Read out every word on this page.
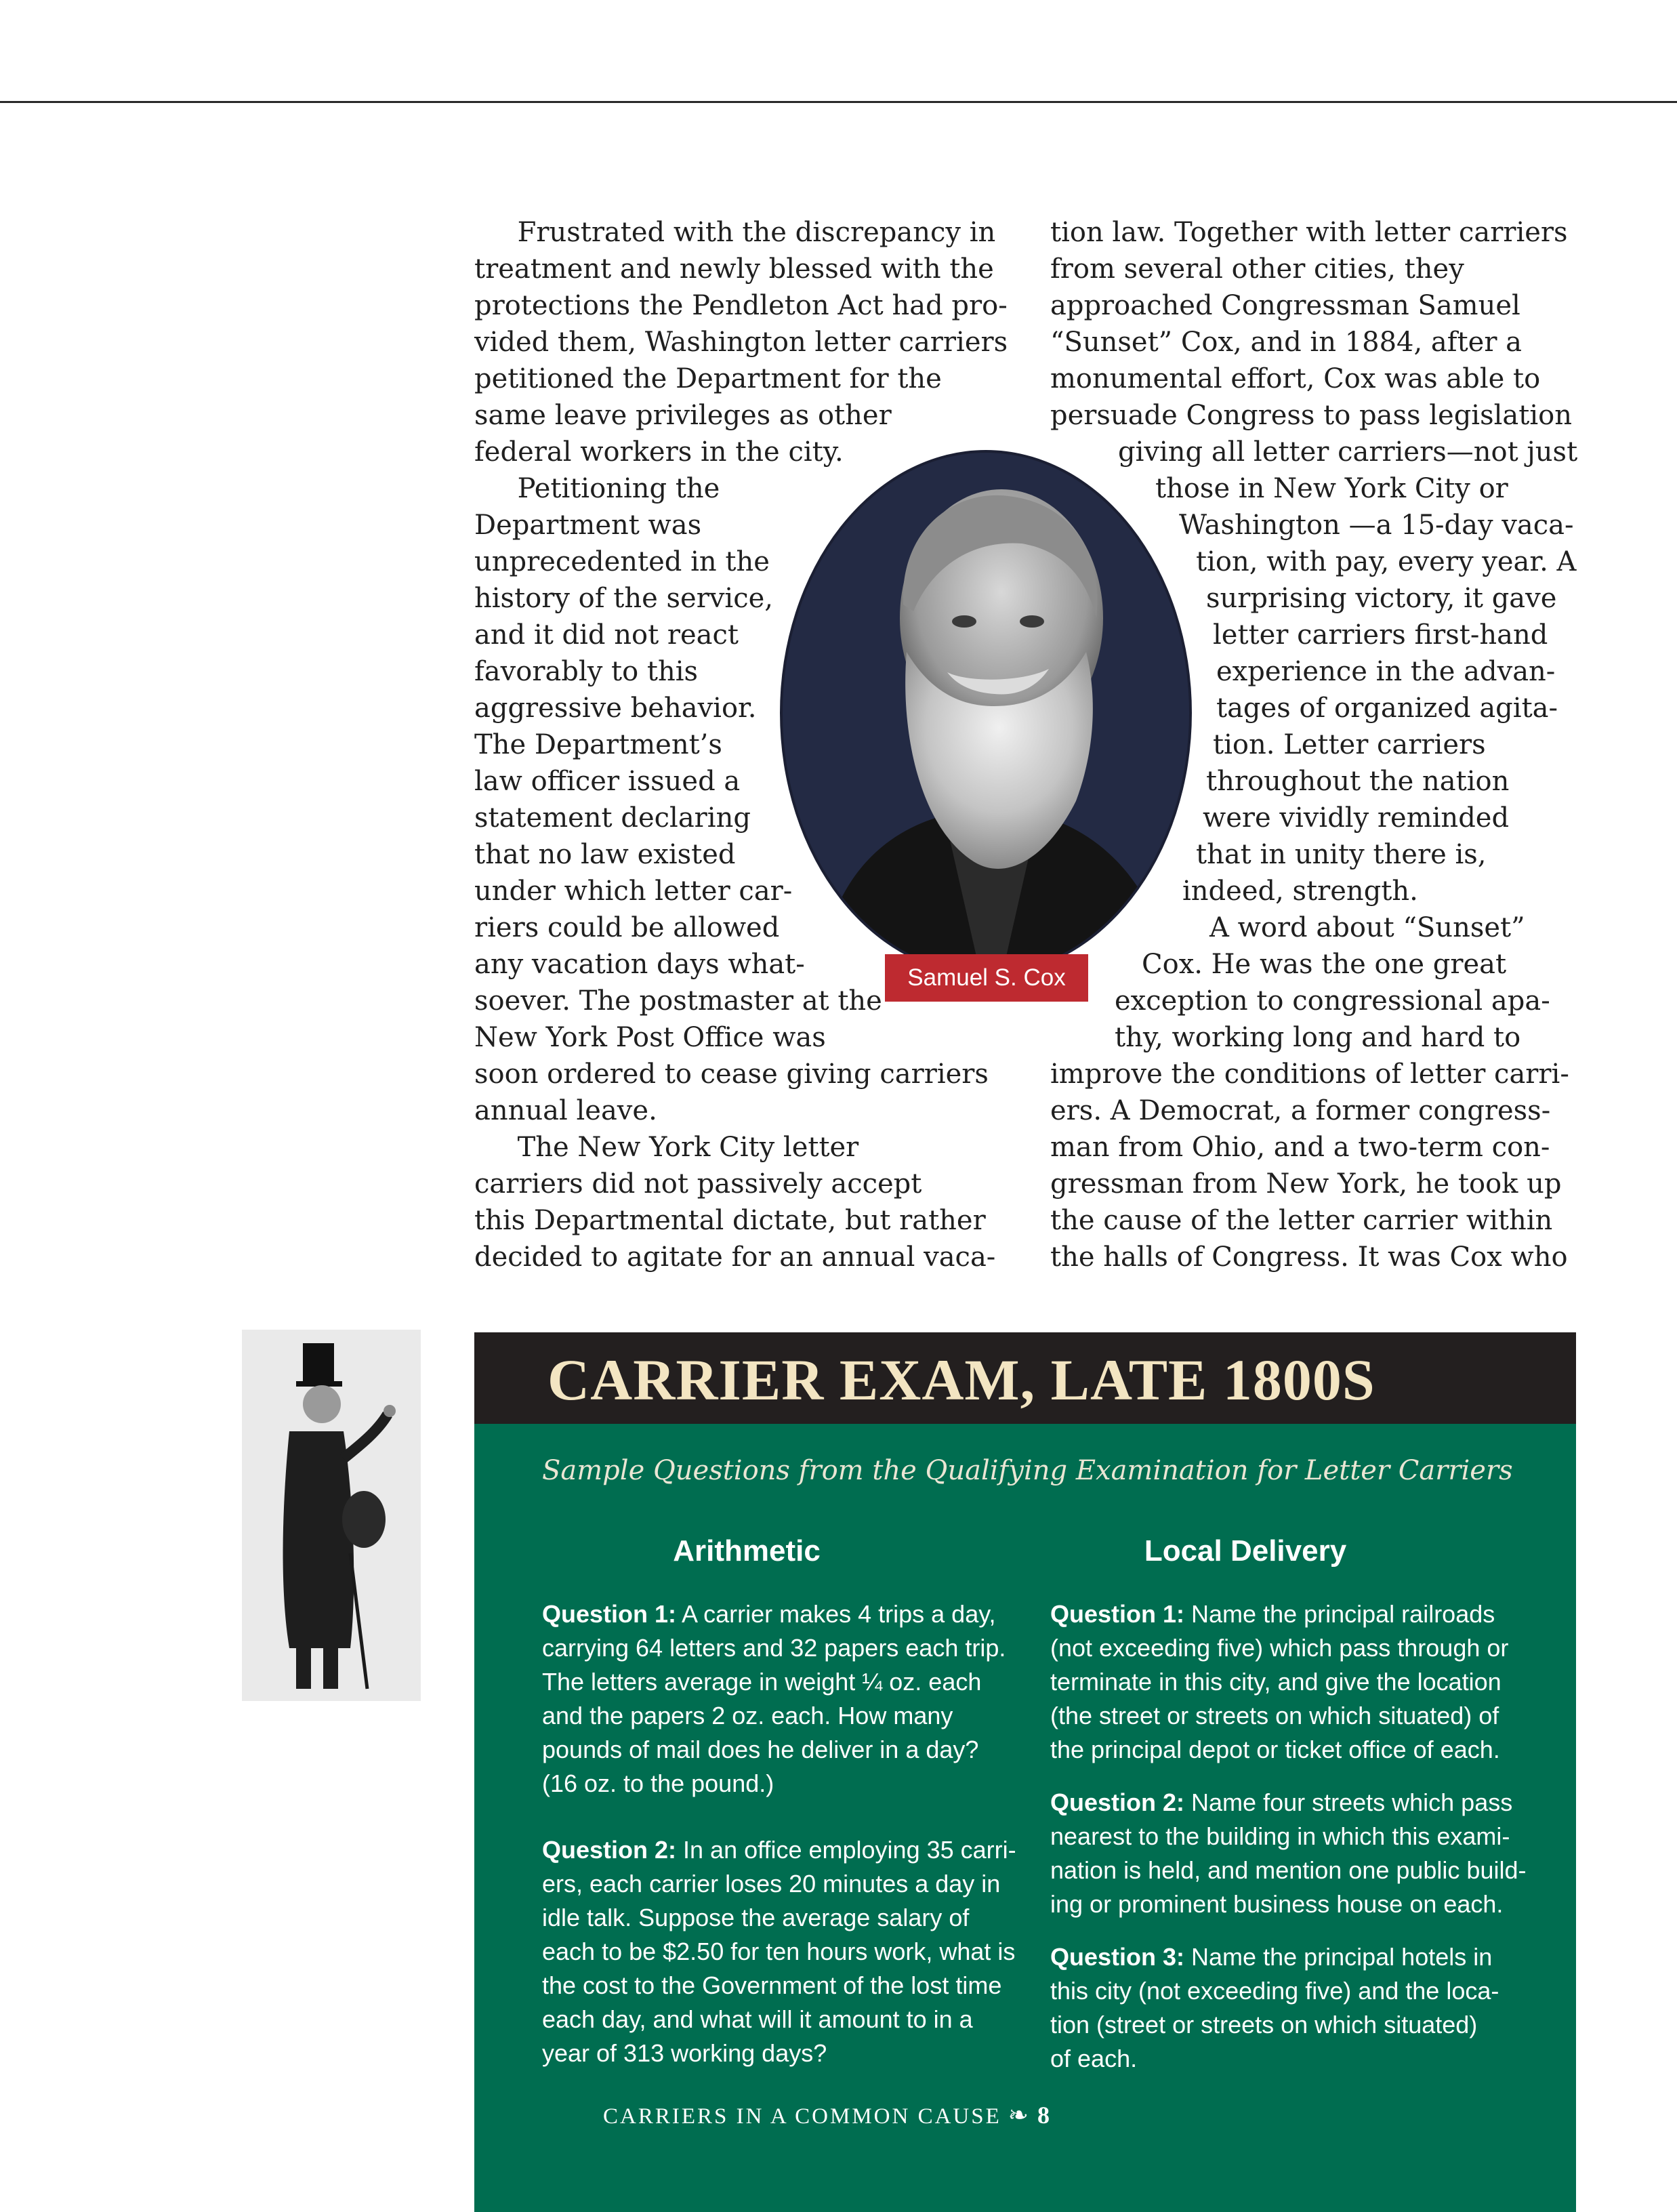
Frustrated with the discrepancy in
treatment and newly blessed with the
protections the Pendleton Act had pro-
vided them, Washington letter carriers
petitioned the Department for the
same leave privileges as other
federal workers in the city.
Petitioning the
Department was
unprecedented in the
history of the service,
and it did not react
favorably to this
aggressive behavior.
The Department’s
law officer issued a
statement declaring
that no law existed
under which letter car-
riers could be allowed
any vacation days what-
soever. The postmaster at the
New York Post Office was
soon ordered to cease giving carriers
annual leave.
The New York City letter
carriers did not passively accept
this Departmental dictate, but rather
decided to agitate for an annual vaca-
tion law. Together with letter carriers
from several other cities, they
approached Congressman Samuel
“Sunset” Cox, and in 1884, after a
monumental effort, Cox was able to
persuade Congress to pass legislation
giving all letter carriers—not just
those in New York City or
Washington —a 15-day vaca-
tion, with pay, every year. A
surprising victory, it gave
letter carriers first-hand
experience in the advan-
tages of organized agita-
tion. Letter carriers
throughout the nation
were vividly reminded
that in unity there is,
indeed, strength.
A word about “Sunset”
Cox. He was the one great
exception to congressional apa-
thy, working long and hard to
improve the conditions of letter carri-
ers. A Democrat, a former congress-
man from Ohio, and a two-term con-
gressman from New York, he took up
the cause of the letter carrier within
the halls of Congress. It was Cox who
Samuel S. Cox
CARRIER EXAM, LATE 1800S

Sample Questions from the Qualifying Examination for Letter Carriers

Arithmetic	Local Delivery

Question 1: A carrier makes 4 trips a day,
carrying 64 letters and 32 papers each trip.
The letters average in weight ¼ oz. each
and the papers 2 oz. each. How many
pounds of mail does he deliver in a day?
(16 oz. to the pound.)

Question 2: In an office employing 35 carri-
ers, each carrier loses 20 minutes a day in
idle talk. Suppose the average salary of
each to be $2.50 for ten hours work, what is
the cost to the Government of the lost time
each day, and what will it amount to in a
year of 313 working days?

Question 1: Name the principal railroads
(not exceeding five) which pass through or
terminate in this city, and give the location
(the street or streets on which situated) of
the principal depot or ticket office of each.

Question 2: Name four streets which pass
nearest to the building in which this exami-
nation is held, and mention one public build-
ing or prominent business house on each.

Question 3: Name the principal hotels in
this city (not exceeding five) and the loca-
tion (street or streets on which situated)
of each.

CARRIERS IN A COMMON CAUSE ❧ 8
